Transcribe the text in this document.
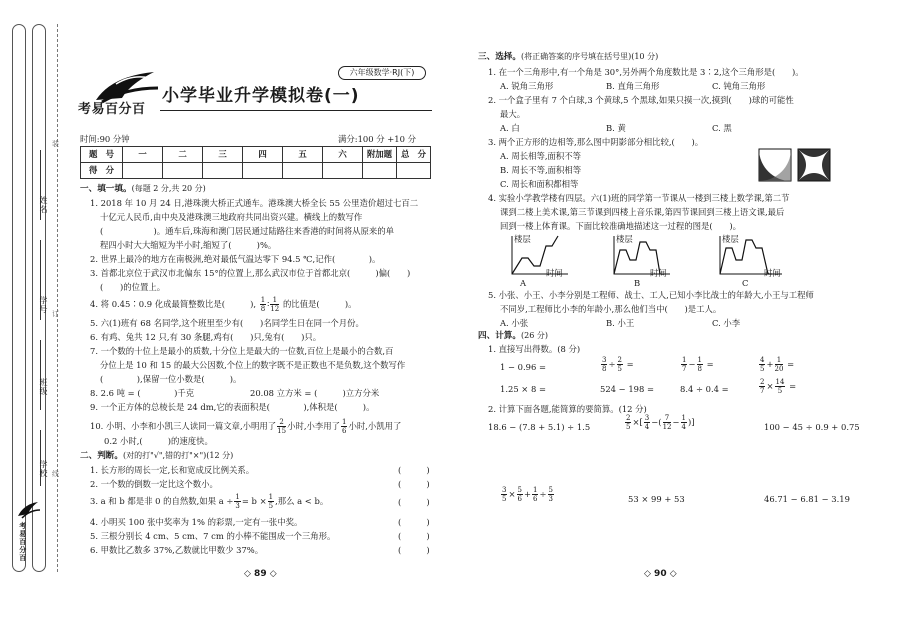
姓名
学号
班级
学校
装
订
线
考易百分百
考易百分百
六年级数学·RJ(下)
小学毕业升学模拟卷(一)
时间:90 分钟	满分:100 分 +10 分
题　号	一	二	三	四	五	六	附加题	总　分
得　分								
一、填一填。(每题 2 分,共 20 分)
1. 2018 年 10 月 24 日,港珠澳大桥正式通车。港珠澳大桥全长 55 公里造价超过七百二
十亿元人民币,由中央及港珠澳三地政府共同出资兴建。横线上的数写作
(　　　　　　)。通车后,珠海和澳门居民通过陆路往来香港的时间将从原来的单
程四小时大大缩短为半小时,缩短了(　　　)%。
2. 世界上最冷的地方在南极洲,绝对最低气温达零下 94.5 ℃,记作(　　　　)。
3. 首都北京位于武汉市北偏东 15°的位置上,那么武汉市位于首都北京(　　　)偏(　　)
(　　)的位置上。
4. 将 0.45∶0.9 化成最简整数比是(　　　), $\frac{1}{8}$ ∶ $\frac{1}{12}$ 的比值是(　　　)。
5. 六(1)班有 68 名同学,这个班里至少有(　　)名同学生日在同一个月份。
6. 有鸡、兔共 12 只,有 30 条腿,鸡有(　　)只,兔有(　　)只。
7. 一个数的十位上是最小的质数,十分位上是最大的一位数,百位上是最小的合数,百
分位上是 10 和 15 的最大公因数,个位上的数字既不是正数也不是负数,这个数写作
(　　　　),保留一位小数是(　　　)。
8. 2.6 吨 = (　　　　)千克	20.08 立方米 = (　　　)立方分米
9. 一个正方体的总棱长是 24 dm,它的表面积是(　　　　),体积是(　　　)。
10. 小明、小李和小凯三人读同一篇文章,小明用了 $\frac{2}{15}$ 小时,小李用了 $\frac{1}{6}$ 小时,小凯用了
0.2 小时,(　　　)的速度快。
二、判断。(对的打"√",错的打"×")(12 分)
1. 长方形的周长一定,长和宽成反比例关系。	(　　　)
2. 一个数的倒数一定比这个数小。	(　　　)
3. a 和 b 都是非 0 的自然数,如果 $a \div \frac{1}{3} = b \times \frac{1}{5}$ ,那么 a < b。	(　　　)
4. 小明买 100 张中奖率为 1% 的彩票,一定有一张中奖。	(　　　)
5. 三根分别长 4 cm、5 cm、7 cm 的小棒不能围成一个三角形。	(　　　)
6. 甲数比乙数多 37%,乙数就比甲数少 37%。	(　　　)
◇ 89 ◇
三、选择。(将正确答案的序号填在括号里)(10 分)
1. 在一个三角形中,有一个角是 30°,另外两个角度数比是 3∶2,这个三角形是(　　)。
A. 锐角三角形	B. 直角三角形	C. 钝角三角形
2. 一个盒子里有 7 个白球,3 个黄球,5 个黑球,如果只摸一次,摸到(　　)球的可能性
最大。
A. 白	B. 黄	C. 黑
3. 两个正方形的边相等,那么图中阴影部分相比较,(　　)。
A. 周长相等,面积不等
B. 周长不等,面积相等
C. 周长和面积都相等
4. 实验小学教学楼有四层。六(1)班的同学第一节课从一楼到三楼上数学课,第二节
课到二楼上美术课,第三节课到四楼上音乐课,第四节课回到三楼上语文课,最后
回到一楼上体育课。下面比较准确地描述这一过程的图是(　　)。
楼层
时间
A
楼层
时间
B
楼层
时间
C
5. 小张、小王、小李分别是工程师、战士、工人,已知小李比战士的年龄大,小王与工程师
不同岁,工程师比小李的年龄小,那么他们当中(　　)是工人。
A. 小张	B. 小王	C. 小李
四、计算。(26 分)
1. 直接写出得数。(8 分)
1 − 0.96 =	$\frac{3}{8} \div \frac{2}{5}$ =	$\frac{1}{7} - \frac{1}{8}$ =	$\frac{4}{5} + \frac{1}{20}$ =
1.25 × 8 =	524 − 198 =	8.4 ÷ 0.4 =	$\frac{2}{7} \times \frac{14}{5}$ =
2. 计算下面各题,能简算的要简算。(12 分)
18.6 − (7.8 + 5.1) ÷ 1.5	$\frac{2}{5}$ ×[ $\frac{3}{4}$ −( $\frac{7}{12} - \frac{1}{4}$ )]	100 − 45 ÷ 0.9 + 0.75
$\frac{3}{5} \times \frac{5}{6} + \frac{1}{6} \div \frac{5}{3}$	53 × 99 + 53	46.71 − 6.81 − 3.19
◇ 90 ◇
